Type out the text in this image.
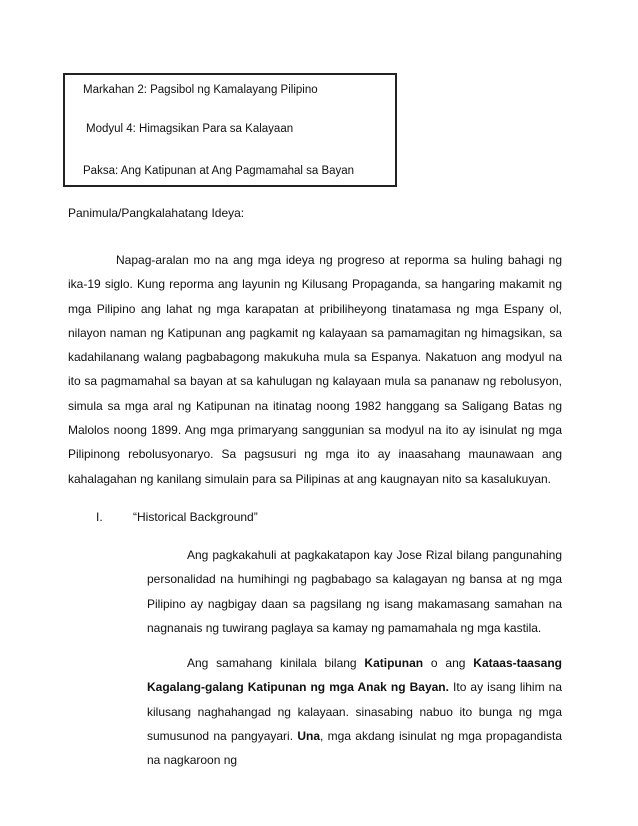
Markahan 2: Pagsibol ng Kamalayang Pilipino
Modyul 4: Himagsikan Para sa Kalayaan
Paksa: Ang Katipunan at Ang Pagmamahal sa Bayan
Panimula/Pangkalahatang Ideya:

Napag-aralan mo na ang mga ideya ng progreso at reporma sa huling bahagi ng ika-19 siglo. Kung reporma ang layunin ng Kilusang Propaganda, sa hangaring makamit ng mga Pilipino ang lahat ng mga karapatan at pribiliheyong tinatamasa ng mga Espany ol, nilayon naman ng Katipunan ang pagkamit ng kalayaan sa pamamagitan ng himagsikan, sa kadahilanang walang pagbabagong makukuha mula sa Espanya. Nakatuon ang modyul na ito sa pagmamahal sa bayan at sa kahulugan ng kalayaan mula sa pananaw ng rebolusyon, simula sa mga aral ng Katipunan na itinatag noong 1982 hanggang sa Saligang Batas ng Malolos noong 1899. Ang mga primaryang sanggunian sa modyul na ito ay isinulat ng mga Pilipinong rebolusyonaryo. Sa pagsusuri ng mga ito ay inaasahang maunawaan ang kahalagahan ng kanilang simulain para sa Pilipinas at ang kaugnayan nito sa kasalukuyan.

I.	“Historical Background”

Ang pagkakahuli at pagkakatapon kay Jose Rizal bilang pangunahing personalidad na humihingi ng pagbabago sa kalagayan ng bansa at ng mga Pilipino ay nagbigay daan sa pagsilang ng isang makamasang samahan na nagnanais ng tuwirang paglaya sa kamay ng pamamahala ng mga kastila.

Ang samahang kinilala bilang Katipunan o ang Kataas-taasang Kagalang-galang Katipunan ng mga Anak ng Bayan. Ito ay isang lihim na kilusang naghahangad ng kalayaan. sinasabing nabuo ito bunga ng mga sumusunod na pangyayari. Una, mga akdang isinulat ng mga propagandista na nagkaroon ng
